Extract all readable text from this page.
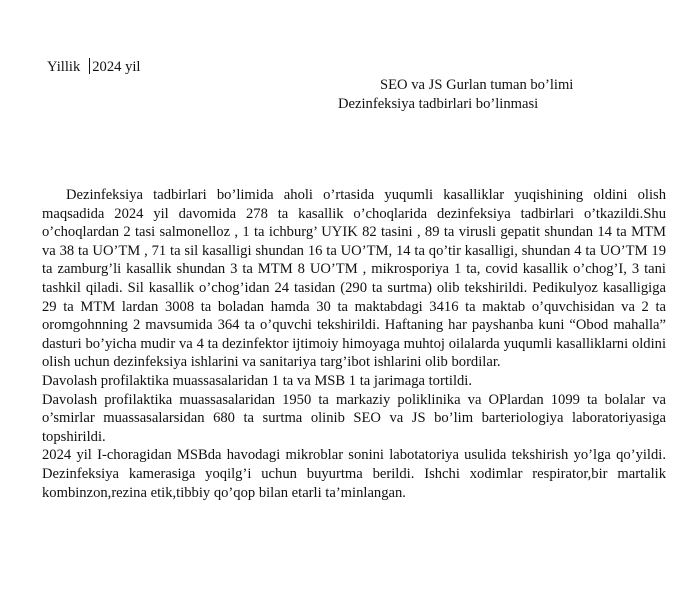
Yillik 2024 yil
SEO va JS Gurlan tuman bo’limi
Dezinfeksiya tadbirlari bo’linmasi

Dezinfeksiya tadbirlari bo’limida aholi o’rtasida yuqumli kasalliklar yuqishining oldini olish maqsadida 2024 yil davomida 278 ta kasallik o’choqlarida dezinfeksiya tadbirlari o’tkazildi.Shu o’choqlardan 2 tasi salmonelloz , 1 ta ichburg’ UYIK 82 tasini , 89 ta virusli gepatit shundan 14 ta MTM va 38 ta UO’TM , 71 ta sil kasalligi shundan 16 ta UO’TM, 14 ta qo’tir kasalligi, shundan 4 ta UO’TM 19 ta zamburg’li kasallik shundan 3 ta MTM 8 UO’TM , mikrosporiya 1 ta, covid kasallik o’chog’I, 3 tani tashkil qiladi. Sil kasallik o’chog’idan 24 tasidan (290 ta surtma) olib tekshirildi. Pedikulyoz kasalligiga 29 ta MTM lardan 3008 ta boladan hamda 30 ta maktabdagi 3416 ta maktab o’quvchisidan va 2 ta oromgohnning 2 mavsumida 364 ta o’quvchi tekshirildi. Haftaning har payshanba kuni “Obod mahalla” dasturi bo’yicha mudir va 4 ta dezinfektor ijtimoiy himoyaga muhtoj oilalarda yuqumli kasalliklarni oldini olish uchun dezinfeksiya ishlarini va sanitariya targ’ibot ishlarini olib bordilar.

Davolash profilaktika muassasalaridan 1 ta va MSB 1 ta jarimaga tortildi.

Davolash profilaktika muassasalaridan 1950 ta markaziy poliklinika va OPlardan 1099 ta bolalar va o’smirlar muassasalarsidan 680 ta surtma olinib SEO va JS bo’lim barteriologiya laboratoriyasiga topshirildi.

2024 yil I-choragidan MSBda havodagi mikroblar sonini labotatoriya usulida tekshirish yo’lga qo’yildi. Dezinfeksiya kamerasiga yoqilg’i uchun buyurtma berildi. Ishchi xodimlar respirator,bir martalik kombinzon,rezina etik,tibbiy qo’qop bilan etarli ta’minlangan.
